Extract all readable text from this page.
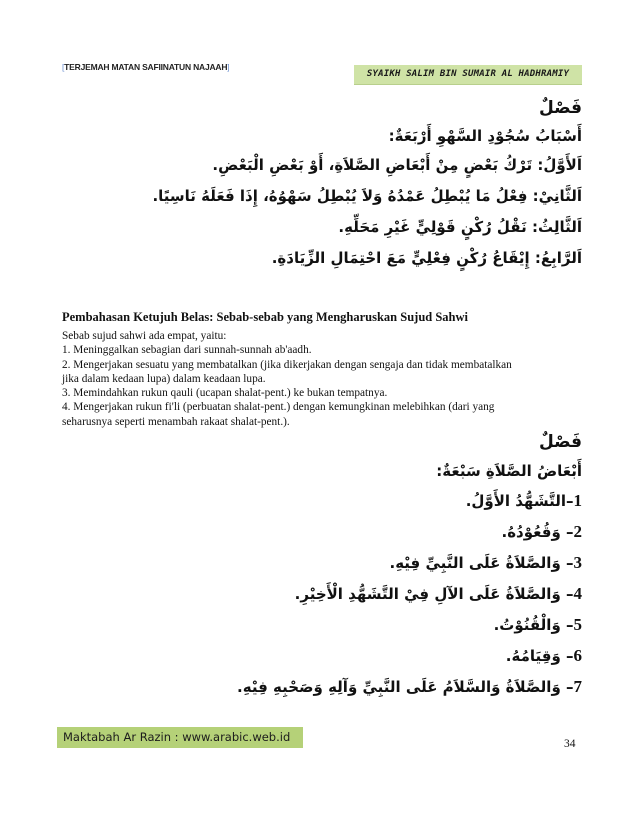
[TERJEMAH MATAN SAFIINATUN NAJAAH]
SYAIKH SALIM BIN SUMAIR AL HADHRAMIY
فَصْلٌ
أَسْبَابُ سُجُوْدِ السَّهْوِ أَرْبَعَةٌ:
اَلأَوَّلُ: تَرْكُ بَعْضٍ مِنْ أَبْعَاضِ الصَّلاَةِ، أَوْ بَعْضِ الْبَعْضِ.
اَلثَّانِيْ: فِعْلُ مَا يُبْطِلُ عَمْدُهُ وَلاَ يُبْطِلُ سَهْوُهُ، إِذَا فَعَلَهُ نَاسِيًا.
اَلثَّالِثُ: نَقْلُ رُكْنٍ قَوْلِيٍّ غَيْرِ مَحَلِّهِ.
اَلرَّابِعُ: إِيْقَاعُ رُكْنٍ فِعْلِيٍّ مَعَ احْتِمَالِ الزِّيَادَةِ.
Pembahasan Ketujuh Belas: Sebab-sebab yang Mengharuskan Sujud Sahwi
Sebab sujud sahwi ada empat, yaitu:
1. Meninggalkan sebagian dari sunnah-sunnah ab'aadh.
2. Mengerjakan sesuatu yang membatalkan (jika dikerjakan dengan sengaja dan tidak membatalkan
jika dalam kedaan lupa) dalam keadaan lupa.
3. Memindahkan rukun qauli (ucapan shalat-pent.) ke bukan tempatnya.
4. Mengerjakan rukun fi'li (perbuatan shalat-pent.) dengan kemungkinan melebihkan (dari yang
seharusnya seperti menambah rakaat shalat-pent.).
فَصْلٌ
أَبْعَاضُ الصَّلاَةِ سَبْعَةٌ:
1–التَّشَهُّدُ الأَوَّلُ.
2– وَقُعُوْدُهُ.
3– وَالصَّلاَةُ عَلَى النَّبِيِّ فِيْهِ.
4– وَالصَّلاَةُ عَلَى الآلِ فِيْ التَّشَهُّدِ الْأَخِيْرِ.
5– وَالْقُنُوْتُ.
6– وَقِيَامُهُ.
7– وَالصَّلاَةُ وَالسَّلاَمُ عَلَى النَّبِيِّ وَآلِهِ وَصَحْبِهِ فِيْهِ.
Maktabah Ar Razin : www.arabic.web.id	34
